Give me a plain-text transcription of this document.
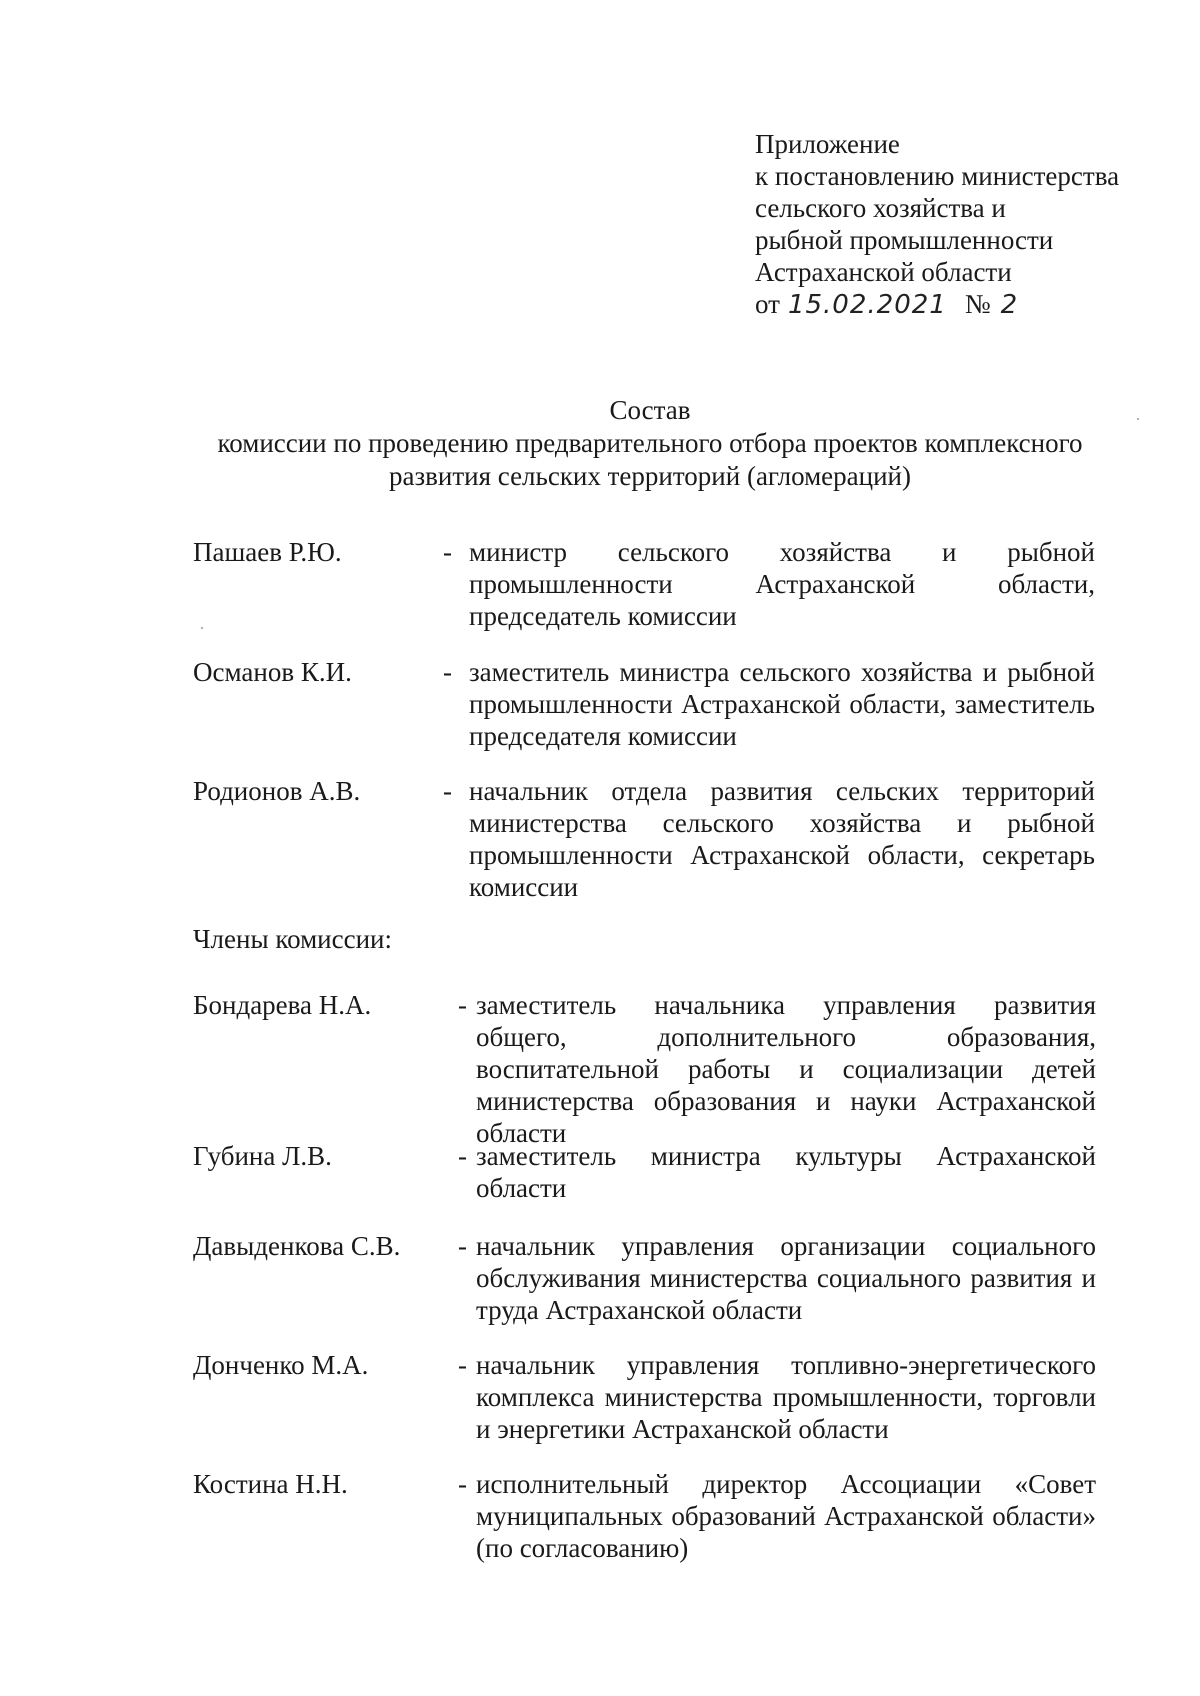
Приложение
к постановлению министерства
сельского хозяйства и
рыбной промышленности
Астраханской области
от 15.02.2021 № 2
Состав
комиссии по проведению предварительного отбора проектов комплексного
развития сельских территорий (агломераций)
Пашаев Р.Ю.	- министр сельского хозяйства и рыбной промышленности Астраханской области, председатель комиссии
Османов К.И.	- заместитель министра сельского хозяйства и рыбной промышленности Астраханской области, заместитель председателя комиссии
Родионов А.В.	- начальник отдела развития сельских территорий министерства сельского хозяйства и рыбной промышленности Астраханской области, секретарь комиссии
Члены комиссии:
Бондарева Н.А.	- заместитель начальника управления развития общего, дополнительного образования, воспитательной работы и социализации детей министерства образования и науки Астраханской области
Губина Л.В.	- заместитель министра культуры Астраханской области
Давыденкова С.В. - начальник управления организации социального обслуживания министерства социального развития и труда Астраханской области
Донченко М.А.	- начальник управления топливно-энергетического комплекса министерства промышленности, торговли и энергетики Астраханской области
Костина Н.Н.	- исполнительный директор Ассоциации «Совет муниципальных образований Астраханской области» (по согласованию)
